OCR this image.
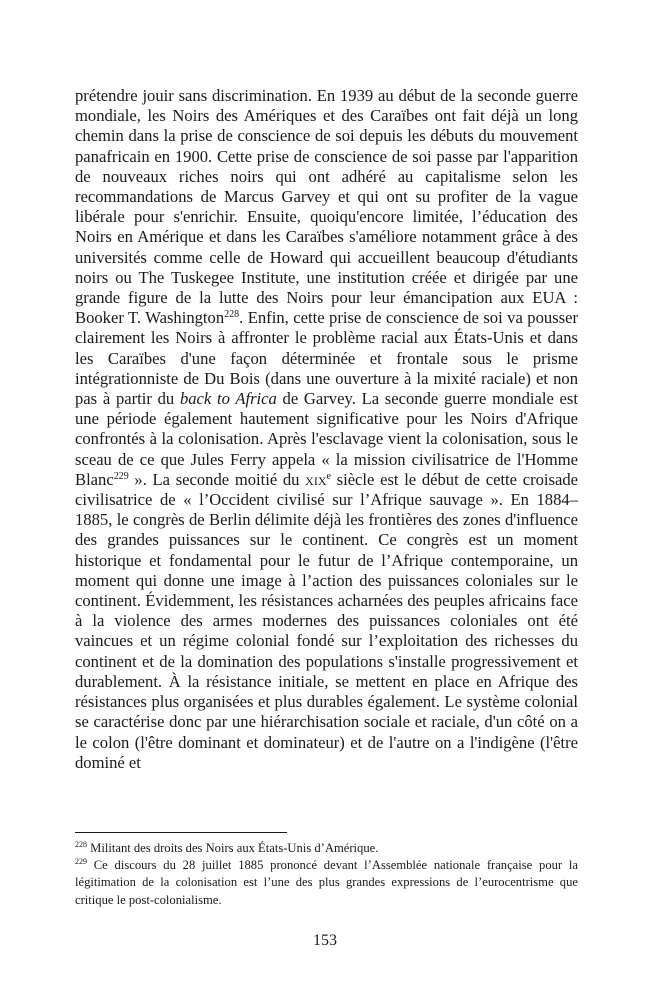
prétendre jouir sans discrimination. En 1939 au début de la seconde guerre mondiale, les Noirs des Amériques et des Caraïbes ont fait déjà un long chemin dans la prise de conscience de soi depuis les débuts du mouvement panafricain en 1900. Cette prise de conscience de soi passe par l'apparition de nouveaux riches noirs qui ont adhéré au capitalisme selon les recommandations de Marcus Garvey et qui ont su profiter de la vague libérale pour s'enrichir. Ensuite, quoiqu'encore limitée, l’éducation des Noirs en Amérique et dans les Caraïbes s'améliore notamment grâce à des universités comme celle de Howard qui accueillent beaucoup d'étudiants noirs ou The Tuskegee Institute, une institution créée et dirigée par une grande figure de la lutte des Noirs pour leur émancipation aux EUA : Booker T. Washington$^{228}$. Enfin, cette prise de conscience de soi va pousser clairement les Noirs à affronter le problème racial aux États-Unis et dans les Caraïbes d'une façon déterminée et frontale sous le prisme intégrationniste de Du Bois (dans une ouverture à la mixité raciale) et non pas à partir du back to Africa de Garvey. La seconde guerre mondiale est une période également hautement significative pour les Noirs d'Afrique confrontés à la colonisation. Après l'esclavage vient la colonisation, sous le sceau de ce que Jules Ferry appela « la mission civilisatrice de l'Homme Blanc$^{229}$ ». La seconde moitié du xix$^e$ siècle est le début de cette croisade civilisatrice de « l’Occident civilisé sur l’Afrique sauvage ». En 1884–1885, le congrès de Berlin délimite déjà les frontières des zones d'influence des grandes puissances sur le continent. Ce congrès est un moment historique et fondamental pour le futur de l’Afrique contemporaine, un moment qui donne une image à l’action des puissances coloniales sur le continent. Évidemment, les résistances acharnées des peuples africains face à la violence des armes modernes des puissances coloniales ont été vaincues et un régime colonial fondé sur l’exploitation des richesses du continent et de la domination des populations s'installe progressivement et durablement. À la résistance initiale, se mettent en place en Afrique des résistances plus organisées et plus durables également. Le système colonial se caractérise donc par une hiérarchisation sociale et raciale, d'un côté on a le colon (l'être dominant et dominateur) et de l'autre on a l'indigène (l'être dominé et

$^{228}$ Militant des droits des Noirs aux États-Unis d’Amérique.

$^{229}$ Ce discours du 28 juillet 1885 prononcé devant l’Assemblée nationale française pour la légitimation de la colonisation est l’une des plus grandes expressions de l’eurocentrisme que critique le post-colonialisme.

153
